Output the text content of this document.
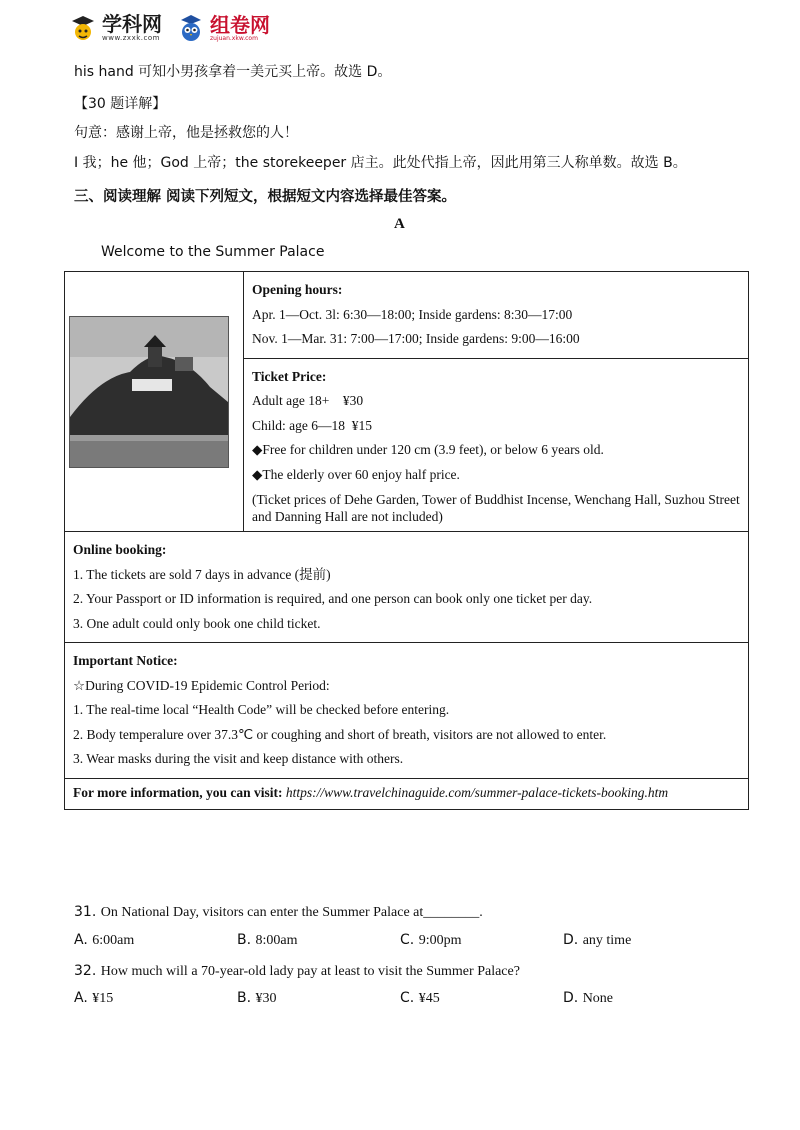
学科网
www.zxxk.com
组卷网
zujuan.xkw.com
his hand 可知小男孩拿着一美元买上帝。故选 D。
【30 题详解】
句意：感谢上帝，他是拯救您的人！
I 我；he 他；God 上帝；the storekeeper 店主。此处代指上帝，因此用第三人称单数。故选 B。
三、阅读理解 阅读下列短文，根据短文内容选择最佳答案。
A
Welcome to the Summer Palace

Opening hours:
Apr. 1—Oct. 3l: 6:30—18:00; Inside gardens: 8:30—17:00
Nov. 1—Mar. 31: 7:00—17:00; Inside gardens: 9:00—16:00

Ticket Price:
Adult age 18+    ¥30
Child: age 6—18  ¥15
◆Free for children under 120 cm (3.9 feet), or below 6 years old.
◆The elderly over 60 enjoy half price.
(Ticket prices of Dehe Garden, Tower of Buddhist Incense, Wenchang Hall, Suzhou Street and Danning Hall are not included)

Online booking:
1. The tickets are sold 7 days in advance (提前)
2. Your Passport or ID information is required, and one person can book only one ticket per day.
3. One adult could only book one child ticket.

Important Notice:
☆During COVID-19 Epidemic Control Period:
1. The real-time local “Health Code” will be checked before entering.
2. Body temperalure over 37.3℃ or coughing and short of breath, visitors are not allowed to enter.
3. Wear masks during the visit and keep distance with others.

For more information, you can visit: https://www.travelchinaguide.com/summer-palace-tickets-booking.htm
31. On National Day, visitors can enter the Summer Palace at________.
A. 6:00am	B. 8:00am	C. 9:00pm	D. any time
32. How much will a 70-year-old lady pay at least to visit the Summer Palace?
A. ¥15	B. ¥30	C. ¥45	D. None
